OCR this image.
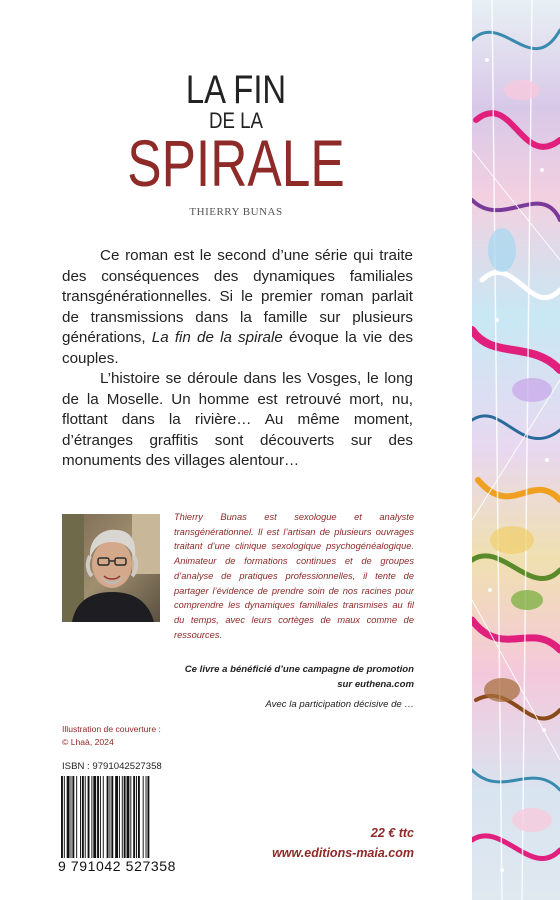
LA FIN
DE LA
SPIRALE
THIERRY BUNAS

Ce roman est le second d’une série qui traite des conséquences des dynamiques familiales transgénérationnelles. Si le premier roman parlait de transmissions dans la famille sur plusieurs générations, La fin de la spirale évoque la vie des couples.

L’histoire se déroule dans les Vosges, le long de la Moselle. Un homme est retrouvé mort, nu, flottant dans la rivière… Au même moment, d’étranges graffitis sont découverts sur des monuments des villages alentour…

Thierry Bunas est sexologue et analyste transgénérationnel. Il est l’artisan de plusieurs ouvrages traitant d’une clinique sexologique psychogénéalogique. Animateur de formations continues et de groupes d’analyse de pratiques professionnelles, il tente de partager l’évidence de prendre soin de nos racines pour comprendre les dynamiques familiales transmises au fil du temps, avec leurs cortèges de maux comme de ressources.
Ce livre a bénéficié d’une campagne de promotion
sur euthena.com
Avec la participation décisive de …
Illustration de couverture :
© Lhaà, 2024
ISBN : 9791042527358
9 791042 527358
22 € ttc
www.editions-maia.com
